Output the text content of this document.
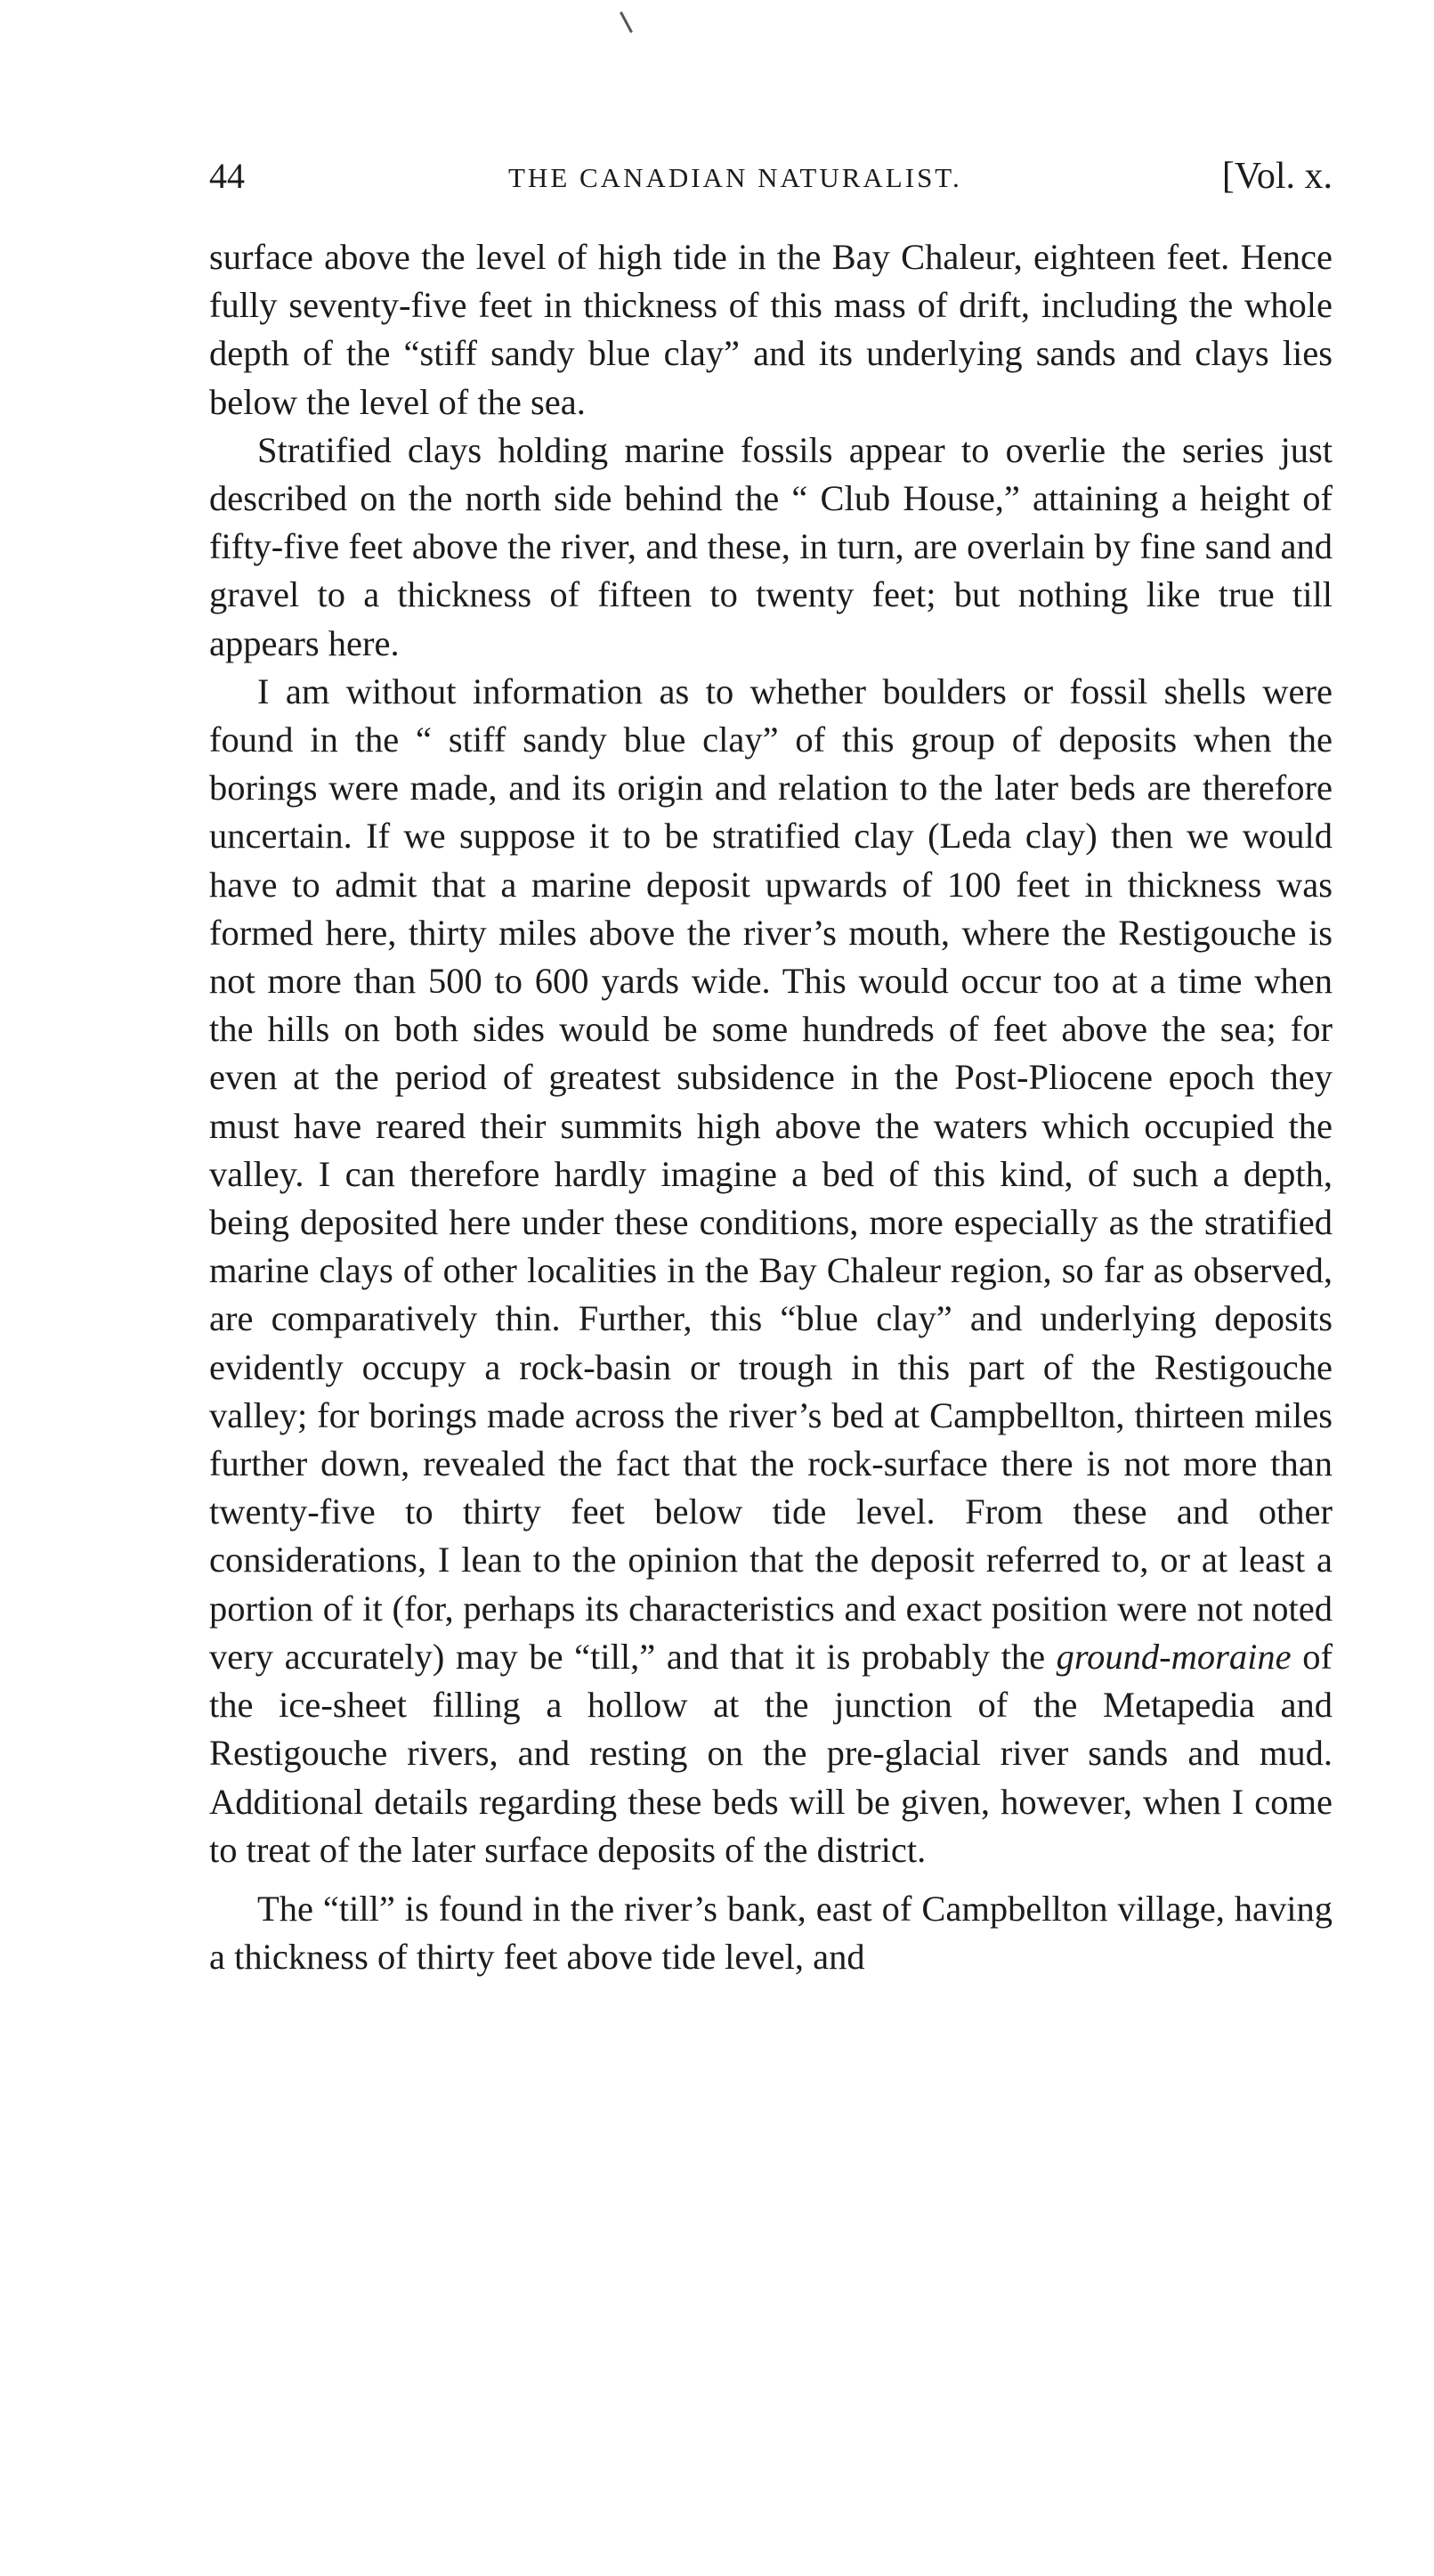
44	THE CANADIAN NATURALIST.	[Vol. x.

surface above the level of high tide in the Bay Chaleur, eighteen feet. Hence fully seventy-five feet in thickness of this mass of drift, including the whole depth of the “stiff sandy blue clay” and its underlying sands and clays lies below the level of the sea.

Stratified clays holding marine fossils appear to overlie the series just described on the north side behind the “ Club House,” attaining a height of fifty-five feet above the river, and these, in turn, are overlain by fine sand and gravel to a thickness of fifteen to twenty feet; but nothing like true till appears here.

I am without information as to whether boulders or fossil shells were found in the “ stiff sandy blue clay” of this group of deposits when the borings were made, and its origin and relation to the later beds are therefore uncertain. If we suppose it to be stratified clay (Leda clay) then we would have to admit that a marine deposit upwards of 100 feet in thickness was formed here, thirty miles above the river’s mouth, where the Restigouche is not more than 500 to 600 yards wide. This would occur too at a time when the hills on both sides would be some hundreds of feet above the sea; for even at the period of greatest subsidence in the Post-Pliocene epoch they must have reared their summits high above the waters which occupied the valley. I can therefore hardly imagine a bed of this kind, of such a depth, being deposited here under these conditions, more especially as the stratified marine clays of other localities in the Bay Chaleur region, so far as observed, are comparatively thin. Further, this “blue clay” and underlying deposits evidently occupy a rock-basin or trough in this part of the Restigouche valley; for borings made across the river’s bed at Campbellton, thirteen miles further down, revealed the fact that the rock-surface there is not more than twenty-five to thirty feet below tide level. From these and other considerations, I lean to the opinion that the deposit referred to, or at least a portion of it (for, perhaps its characteristics and exact position were not noted very accurately) may be “till,” and that it is probably the ground-moraine of the ice-sheet filling a hollow at the junction of the Metapedia and Restigouche rivers, and resting on the pre-glacial river sands and mud. Additional details regarding these beds will be given, however, when I come to treat of the later surface deposits of the district.

The “till” is found in the river’s bank, east of Campbellton village, having a thickness of thirty feet above tide level, and
